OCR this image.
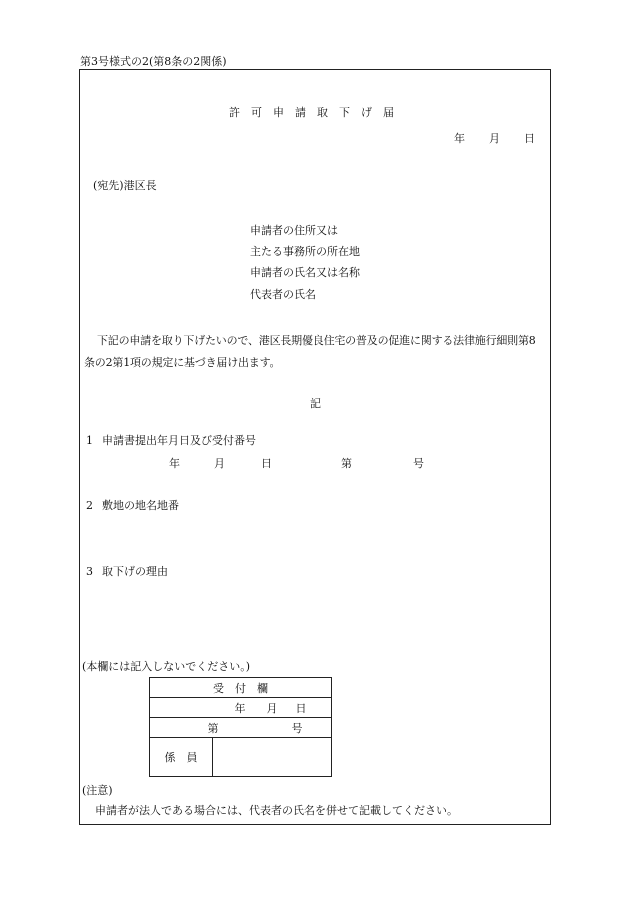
第3号様式の2(第8条の2関係)
許　可　申　請　取　下　げ　届
年 月 日
(宛先)港区長
申請者の住所又は
主たる事務所の所在地
申請者の氏名又は名称
代表者の氏名
下記の申請を取り下げたいので、港区長期優良住宅の普及の促進に関する法律施行細則第8条の2第1項の規定に基づき届け出ます。
記
1 申請書提出年月日及び受付番号
年	月	日	第	号
2 敷地の地名地番
3 取下げの理由
(本欄には記入しないでください。)
受　付　欄

年 月 日

第	号

係　員	
(注意)
申請者が法人である場合には、代表者の氏名を併せて記載してください。
